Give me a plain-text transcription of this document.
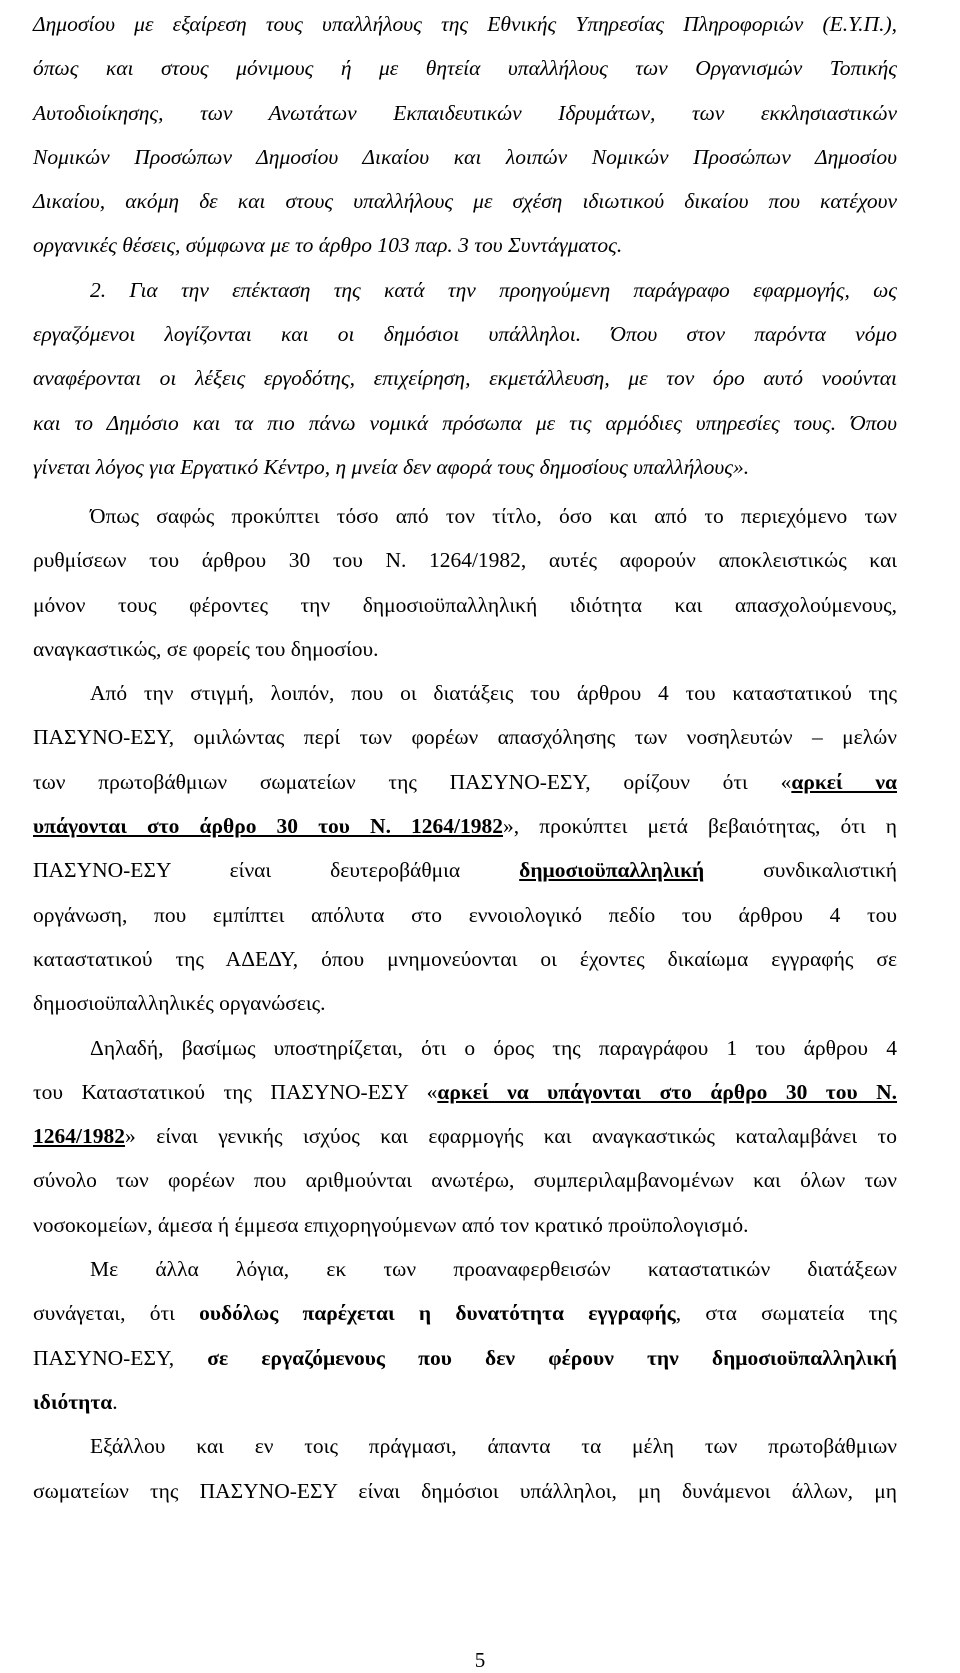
Δημοσίου με εξαίρεση τους υπαλλήλους της Εθνικής Υπηρεσίας Πληροφοριών (Ε.Υ.Π.),
όπως και στους μόνιμους ή με θητεία υπαλλήλους των Οργανισμών Τοπικής
Αυτοδιοίκησης, των Ανωτάτων Εκπαιδευτικών Ιδρυμάτων, των εκκλησιαστικών
Νομικών Προσώπων Δημοσίου Δικαίου και λοιπών Νομικών Προσώπων Δημοσίου
Δικαίου, ακόμη δε και στους υπαλλήλους με σχέση ιδιωτικού δικαίου που κατέχουν
οργανικές θέσεις, σύμφωνα με το άρθρο 103 παρ. 3 του Συντάγματος.
2. Για την επέκταση της κατά την προηγούμενη παράγραφο εφαρμογής, ως
εργαζόμενοι λογίζονται και οι δημόσιοι υπάλληλοι. Όπου στον παρόντα νόμο
αναφέρονται οι λέξεις εργοδότης, επιχείρηση, εκμετάλλευση, με τον όρο αυτό νοούνται
και το Δημόσιο και τα πιο πάνω νομικά πρόσωπα με τις αρμόδιες υπηρεσίες τους. Όπου
γίνεται λόγος για Εργατικό Κέντρο, η μνεία δεν αφορά τους δημοσίους υπαλλήλους».
Όπως σαφώς προκύπτει τόσο από τον τίτλο, όσο και από το περιεχόμενο των
ρυθμίσεων του άρθρου 30 του Ν. 1264/1982, αυτές αφορούν αποκλειστικώς και
μόνον τους φέροντες την δημοσιοϋπαλληλική ιδιότητα και απασχολούμενους,
αναγκαστικώς, σε φορείς του δημοσίου.
Από την στιγμή, λοιπόν, που οι διατάξεις του άρθρου 4 του καταστατικού της
ΠΑΣΥΝΟ-ΕΣΥ, ομιλώντας περί των φορέων απασχόλησης των νοσηλευτών – μελών
των πρωτοβάθμιων σωματείων της ΠΑΣΥΝΟ-ΕΣΥ, ορίζουν ότι «αρκεί να
υπάγονται στο άρθρο 30 του Ν. 1264/1982», προκύπτει μετά βεβαιότητας, ότι η
ΠΑΣΥΝΟ-ΕΣΥ είναι δευτεροβάθμια δημοσιοϋπαλληλική συνδικαλιστική
οργάνωση, που εμπίπτει απόλυτα στο εννοιολογικό πεδίο του άρθρου 4 του
καταστατικού της ΑΔΕΔΥ, όπου μνημονεύονται οι έχοντες δικαίωμα εγγραφής σε
δημοσιοϋπαλληλικές οργανώσεις.
Δηλαδή, βασίμως υποστηρίζεται, ότι ο όρος της παραγράφου 1 του άρθρου 4
του Καταστατικού της ΠΑΣΥΝΟ-ΕΣΥ «αρκεί να υπάγονται στο άρθρο 30 του Ν.
1264/1982» είναι γενικής ισχύος και εφαρμογής και αναγκαστικώς καταλαμβάνει το
σύνολο των φορέων που αριθμούνται ανωτέρω, συμπεριλαμβανομένων και όλων των
νοσοκομείων, άμεσα ή έμμεσα επιχορηγούμενων από τον κρατικό προϋπολογισμό.
Με άλλα λόγια, εκ των προαναφερθεισών καταστατικών διατάξεων
συνάγεται, ότι ουδόλως παρέχεται η δυνατότητα εγγραφής, στα σωματεία της
ΠΑΣΥΝΟ-ΕΣΥ, σε εργαζόμενους που δεν φέρουν την δημοσιοϋπαλληλική
ιδιότητα.
Εξάλλου και εν τοις πράγμασι, άπαντα τα μέλη των πρωτοβάθμιων
σωματείων της ΠΑΣΥΝΟ-ΕΣΥ είναι δημόσιοι υπάλληλοι, μη δυνάμενοι άλλων, μη
5
